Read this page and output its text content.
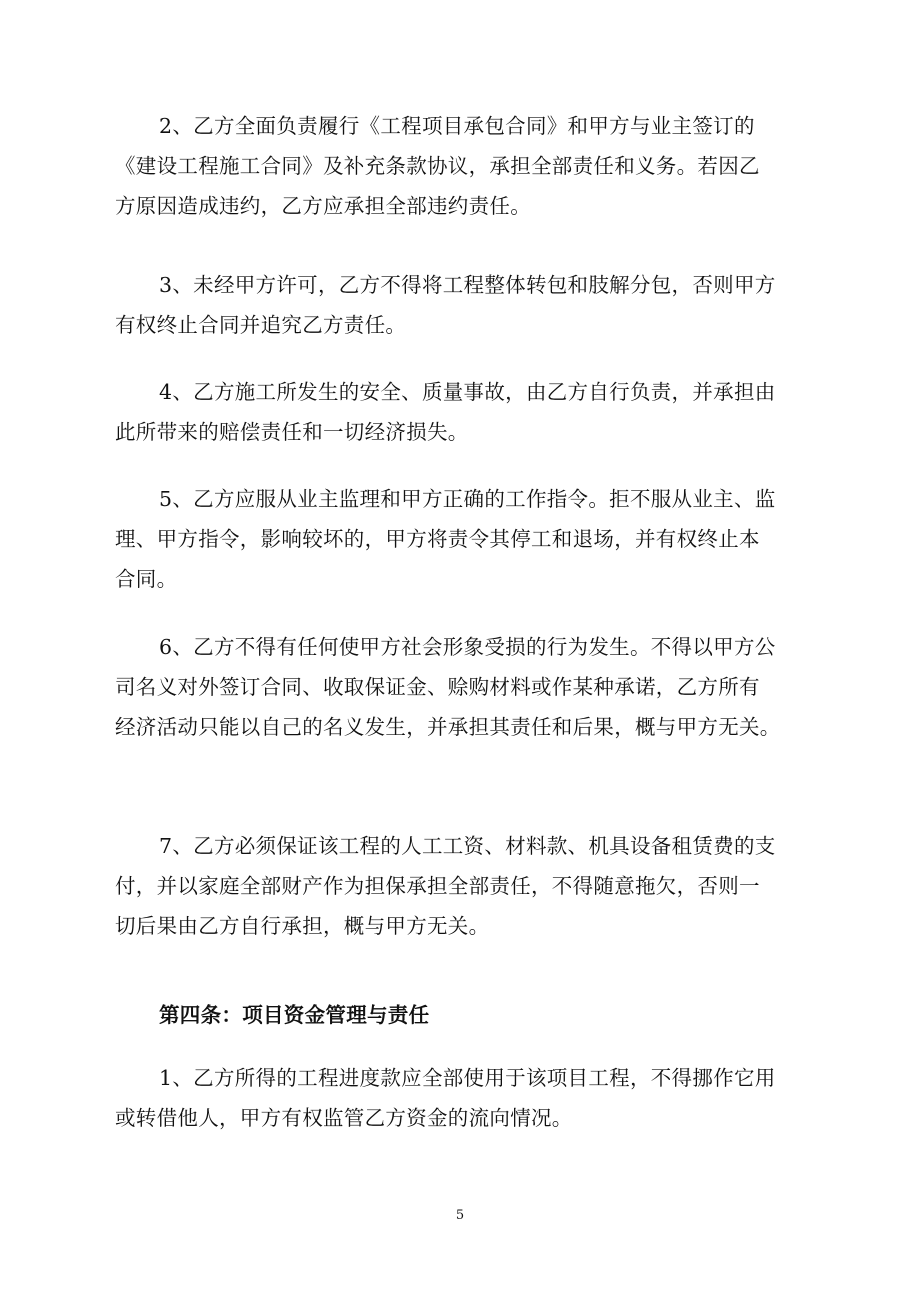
2、乙方全面负责履行《工程项目承包合同》和甲方与业主签订的
《建设工程施工合同》及补充条款协议，承担全部责任和义务。若因乙
方原因造成违约，乙方应承担全部违约责任。
3、未经甲方许可，乙方不得将工程整体转包和肢解分包，否则甲方
有权终止合同并追究乙方责任。
4、乙方施工所发生的安全、质量事故，由乙方自行负责，并承担由
此所带来的赔偿责任和一切经济损失。
5、乙方应服从业主监理和甲方正确的工作指令。拒不服从业主、监
理、甲方指令，影响较坏的，甲方将责令其停工和退场，并有权终止本
合同。
6、乙方不得有任何使甲方社会形象受损的行为发生。不得以甲方公
司名义对外签订合同、收取保证金、赊购材料或作某种承诺，乙方所有
经济活动只能以自己的名义发生，并承担其责任和后果，概与甲方无关。
7、乙方必须保证该工程的人工工资、材料款、机具设备租赁费的支
付，并以家庭全部财产作为担保承担全部责任，不得随意拖欠，否则一
切后果由乙方自行承担，概与甲方无关。
第四条：项目资金管理与责任
1、乙方所得的工程进度款应全部使用于该项目工程，不得挪作它用
或转借他人，甲方有权监管乙方资金的流向情况。
5
